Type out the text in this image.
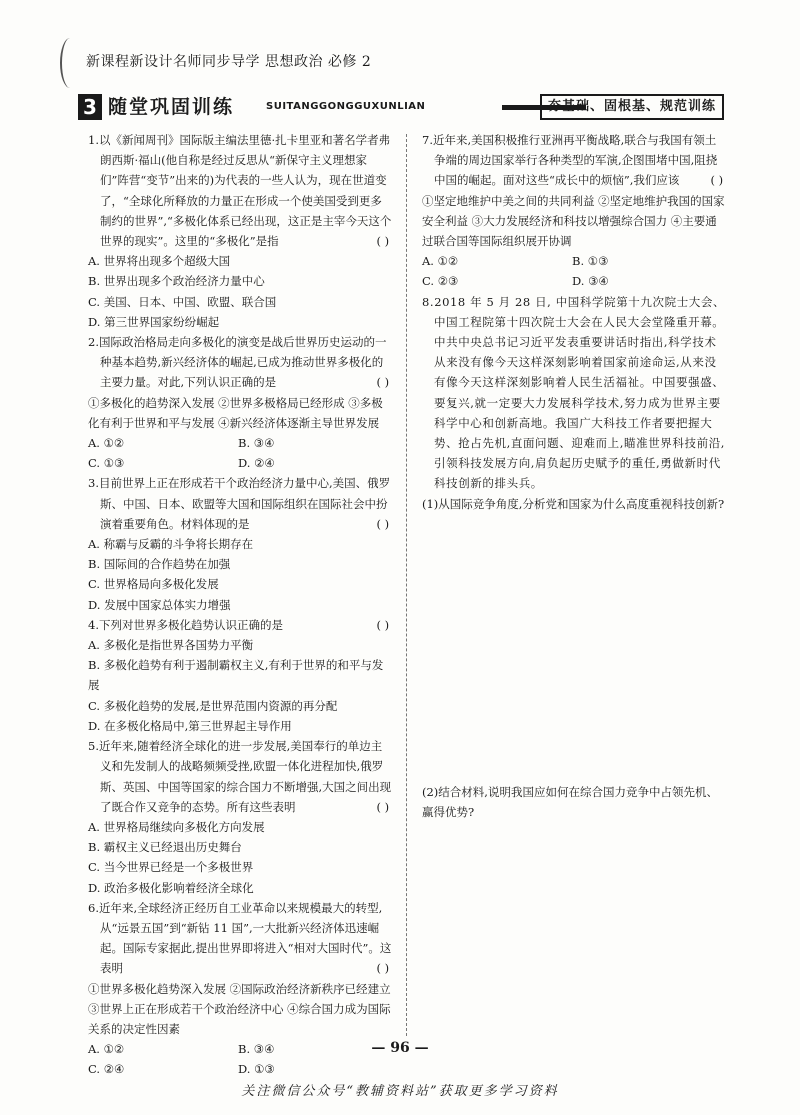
新课程新设计名师同步导学 思想政治 必修 2
3 随堂巩固训练	SUITANGGONGGUXUNLIAN	夯基础、固根基、规范训练
1.以《新闻周刊》国际版主编法里德·扎卡里亚和著名学者弗朗西斯·福山(他自称是经过反思从“新保守主义理想家们”阵营“变节”出来的)为代表的一些人认为，现在世道变了，“全球化所释放的力量正在形成一个使美国受到更多制约的世界”,“多极化体系已经出现，这正是主宰今天这个世界的现实”。这里的“多极化”是指	( )
A. 世界将出现多个超级大国
B. 世界出现多个政治经济力量中心
C. 美国、日本、中国、欧盟、联合国
D. 第三世界国家纷纷崛起
2.国际政治格局走向多极化的演变是战后世界历史运动的一种基本趋势,新兴经济体的崛起,已成为推动世界多极化的主要力量。对此,下列认识正确的是	( )
①多极化的趋势深入发展 ②世界多极格局已经形成 ③多极化有利于世界和平与发展 ④新兴经济体逐渐主导世界发展
A. ①②	B. ③④
C. ①③	D. ②④
3.目前世界上正在形成若干个政治经济力量中心,美国、俄罗斯、中国、日本、欧盟等大国和国际组织在国际社会中扮演着重要角色。材料体现的是	( )
A. 称霸与反霸的斗争将长期存在
B. 国际间的合作趋势在加强
C. 世界格局向多极化发展
D. 发展中国家总体实力增强
4.下列对世界多极化趋势认识正确的是	( )
A. 多极化是指世界各国势力平衡
B. 多极化趋势有利于遏制霸权主义,有利于世界的和平与发展
C. 多极化趋势的发展,是世界范围内资源的再分配
D. 在多极化格局中,第三世界起主导作用
5.近年来,随着经济全球化的进一步发展,美国奉行的单边主义和先发制人的战略频频受挫,欧盟一体化进程加快,俄罗斯、英国、中国等国家的综合国力不断增强,大国之间出现了既合作又竞争的态势。所有这些表明	( )
A. 世界格局继续向多极化方向发展
B. 霸权主义已经退出历史舞台
C. 当今世界已经是一个多极世界
D. 政治多极化影响着经济全球化
6.近年来,全球经济正经历自工业革命以来规模最大的转型,从“远景五国”到“新钻 11 国”,一大批新兴经济体迅速崛起。国际专家据此,提出世界即将进入“相对大国时代”。这表明	( )
①世界多极化趋势深入发展 ②国际政治经济新秩序已经建立 ③世界上正在形成若干个政治经济中心 ④综合国力成为国际关系的决定性因素
A. ①②	B. ③④
C. ②④	D. ①③
7.近年来,美国积极推行亚洲再平衡战略,联合与我国有领土争端的周边国家举行各种类型的军演,企图围堵中国,阻挠中国的崛起。面对这些“成长中的烦恼”,我们应该	( )
①坚定地维护中美之间的共同利益 ②坚定地维护我国的国家安全利益 ③大力发展经济和科技以增强综合国力 ④主要通过联合国等国际组织展开协调
A. ①②	B. ①③
C. ②③	D. ③④
8.2018 年 5 月 28 日, 中国科学院第十九次院士大会、中国工程院第十四次院士大会在人民大会堂隆重开幕。中共中央总书记习近平发表重要讲话时指出,科学技术从来没有像今天这样深刻影响着国家前途命运,从来没有像今天这样深刻影响着人民生活福祉。中国要强盛、要复兴,就一定要大力发展科学技术,努力成为世界主要科学中心和创新高地。我国广大科技工作者要把握大势、抢占先机,直面问题、迎难而上,瞄准世界科技前沿,引领科技发展方向,肩负起历史赋予的重任,勇做新时代科技创新的排头兵。
(1)从国际竞争角度,分析党和国家为什么高度重视科技创新?
(2)结合材料,说明我国应如何在综合国力竞争中占领先机、赢得优势?
— 96 —
关注微信公众号“教辅资料站”获取更多学习资料
